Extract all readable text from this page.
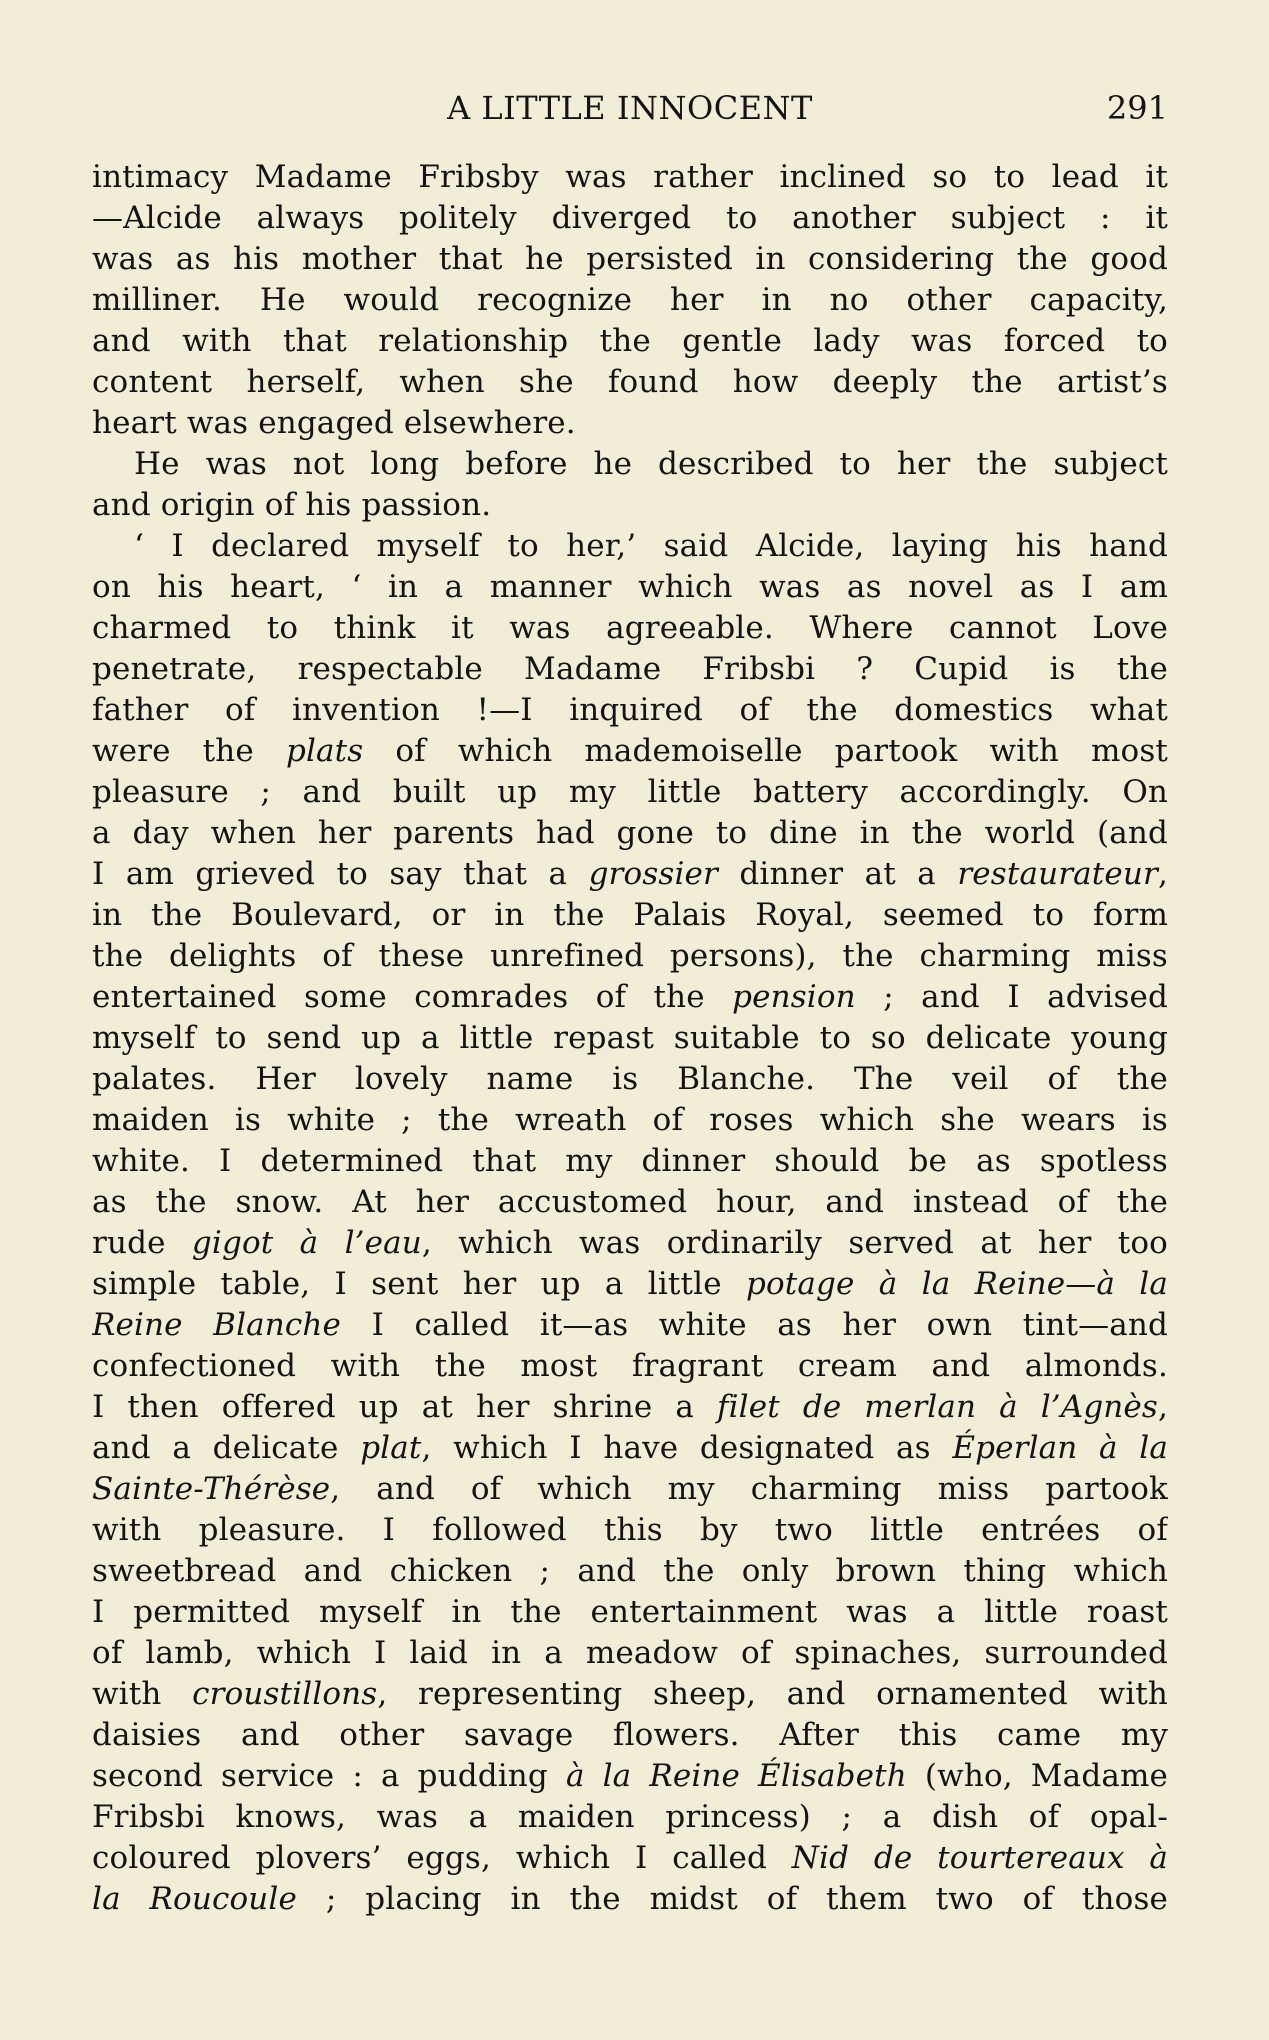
A LITTLE INNOCENT	291
intimacy Madame Fribsby was rather inclined so to lead it
—Alcide always politely diverged to another subject : it
was as his mother that he persisted in considering the good
milliner. He would recognize her in no other capacity,
and with that relationship the gentle lady was forced to
content herself, when she found how deeply the artist’s
heart was engaged elsewhere.
He was not long before he described to her the subject
and origin of his passion.
‘ I declared myself to her,’ said Alcide, laying his hand
on his heart, ‘ in a manner which was as novel as I am
charmed to think it was agreeable. Where cannot Love
penetrate, respectable Madame Fribsbi ? Cupid is the
father of invention !—I inquired of the domestics what
were the plats of which mademoiselle partook with most
pleasure ; and built up my little battery accordingly. On
a day when her parents had gone to dine in the world (and
I am grieved to say that a grossier dinner at a restaurateur,
in the Boulevard, or in the Palais Royal, seemed to form
the delights of these unrefined persons), the charming miss
entertained some comrades of the pension ; and I advised
myself to send up a little repast suitable to so delicate young
palates. Her lovely name is Blanche. The veil of the
maiden is white ; the wreath of roses which she wears is
white. I determined that my dinner should be as spotless
as the snow. At her accustomed hour, and instead of the
rude gigot à l’eau, which was ordinarily served at her too
simple table, I sent her up a little potage à la Reine—à la
Reine Blanche I called it—as white as her own tint—and
confectioned with the most fragrant cream and almonds.
I then offered up at her shrine a filet de merlan à l’Agnès,
and a delicate plat, which I have designated as Éperlan à la
Sainte-Thérèse, and of which my charming miss partook
with pleasure. I followed this by two little entrées of
sweetbread and chicken ; and the only brown thing which
I permitted myself in the entertainment was a little roast
of lamb, which I laid in a meadow of spinaches, surrounded
with croustillons, representing sheep, and ornamented with
daisies and other savage flowers. After this came my
second service : a pudding à la Reine Élisabeth (who, Madame
Fribsbi knows, was a maiden princess) ; a dish of opal-
coloured plovers’ eggs, which I called Nid de tourtereaux à
la Roucoule ; placing in the midst of them two of those
